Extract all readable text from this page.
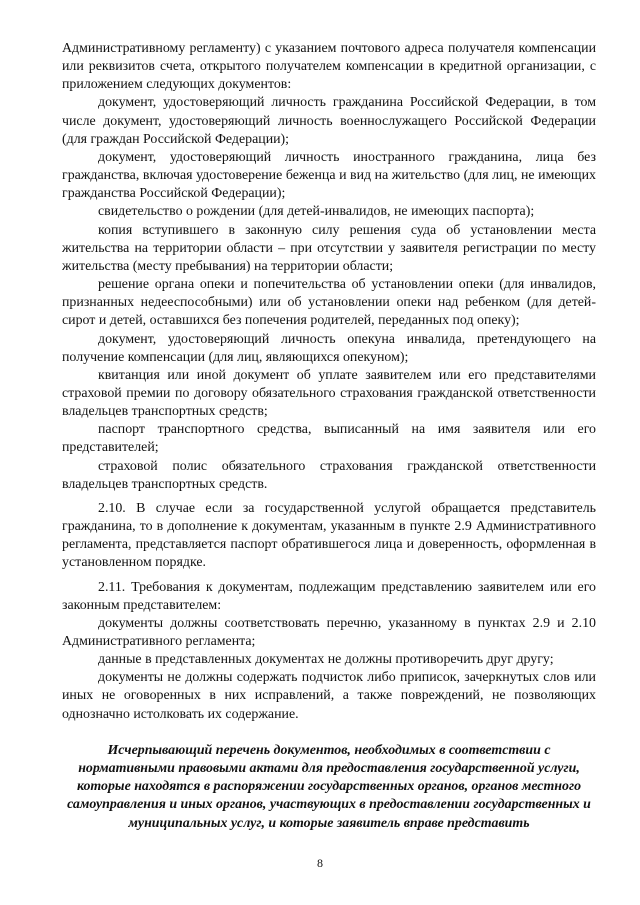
Административному регламенту) с указанием почтового адреса получателя компенсации или реквизитов счета, открытого получателем компенсации в кредитной организации, с приложением следующих документов:

документ, удостоверяющий личность гражданина Российской Федерации, в том числе документ, удостоверяющий личность военнослужащего Российской Федерации (для граждан Российской Федерации);

документ, удостоверяющий личность иностранного гражданина, лица без гражданства, включая удостоверение беженца и вид на жительство (для лиц, не имеющих гражданства Российской Федерации);

свидетельство о рождении (для детей-инвалидов, не имеющих паспорта);

копия вступившего в законную силу решения суда об установлении места жительства на территории области – при отсутствии у заявителя регистрации по месту жительства (месту пребывания) на территории области;

решение органа опеки и попечительства об установлении опеки (для инвалидов, признанных недееспособными) или об установлении опеки над ребенком (для детей-сирот и детей, оставшихся без попечения родителей, переданных под опеку);

документ, удостоверяющий личность опекуна инвалида, претендующего на получение компенсации (для лиц, являющихся опекуном);

квитанция или иной документ об уплате заявителем или его представителями страховой премии по договору обязательного страхования гражданской ответственности владельцев транспортных средств;

паспорт транспортного средства, выписанный на имя заявителя или его представителей;

страховой полис обязательного страхования гражданской ответственности владельцев транспортных средств.

2.10. В случае если за государственной услугой обращается представитель гражданина, то в дополнение к документам, указанным в пункте 2.9 Административного регламента, представляется паспорт обратившегося лица и доверенность, оформленная в установленном порядке.

2.11. Требования к документам, подлежащим представлению заявителем или его законным представителем:

документы должны соответствовать перечню, указанному в пунктах 2.9 и 2.10 Административного регламента;

данные в представленных документах не должны противоречить друг другу;

документы не должны содержать подчисток либо приписок, зачеркнутых слов или иных не оговоренных в них исправлений, а также повреждений, не позволяющих однозначно истолковать их содержание.

Исчерпывающий перечень документов, необходимых в соответствии с нормативными правовыми актами для предоставления государственной услуги, которые находятся в распоряжении государственных органов, органов местного самоуправления и иных органов, участвующих в предоставлении государственных и муниципальных услуг, и которые заявитель вправе представить

8
